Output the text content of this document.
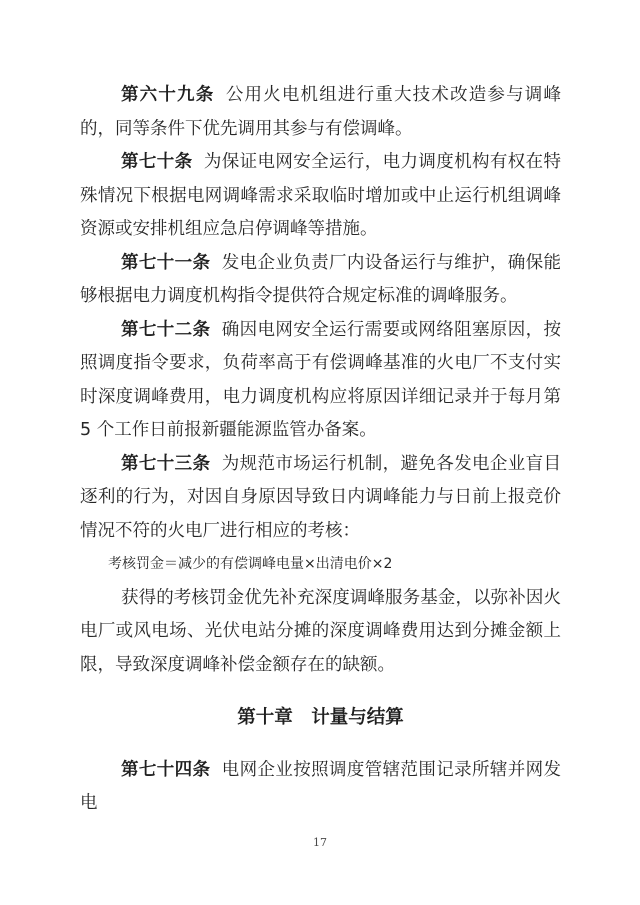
第六十九条 公用火电机组进行重大技术改造参与调峰的，同等条件下优先调用其参与有偿调峰。

第七十条 为保证电网安全运行，电力调度机构有权在特殊情况下根据电网调峰需求采取临时增加或中止运行机组调峰资源或安排机组应急启停调峰等措施。

第七十一条 发电企业负责厂内设备运行与维护，确保能够根据电力调度机构指令提供符合规定标准的调峰服务。

第七十二条 确因电网安全运行需要或网络阻塞原因，按照调度指令要求，负荷率高于有偿调峰基准的火电厂不支付实时深度调峰费用，电力调度机构应将原因详细记录并于每月第 5 个工作日前报新疆能源监管办备案。

第七十三条 为规范市场运行机制，避免各发电企业盲目逐利的行为，对因自身原因导致日内调峰能力与日前上报竞价情况不符的火电厂进行相应的考核：

考核罚金＝减少的有偿调峰电量×出清电价×2

获得的考核罚金优先补充深度调峰服务基金，以弥补因火电厂或风电场、光伏电站分摊的深度调峰费用达到分摊金额上限，导致深度调峰补偿金额存在的缺额。

第十章　计量与结算

第七十四条 电网企业按照调度管辖范围记录所辖并网发电

17
